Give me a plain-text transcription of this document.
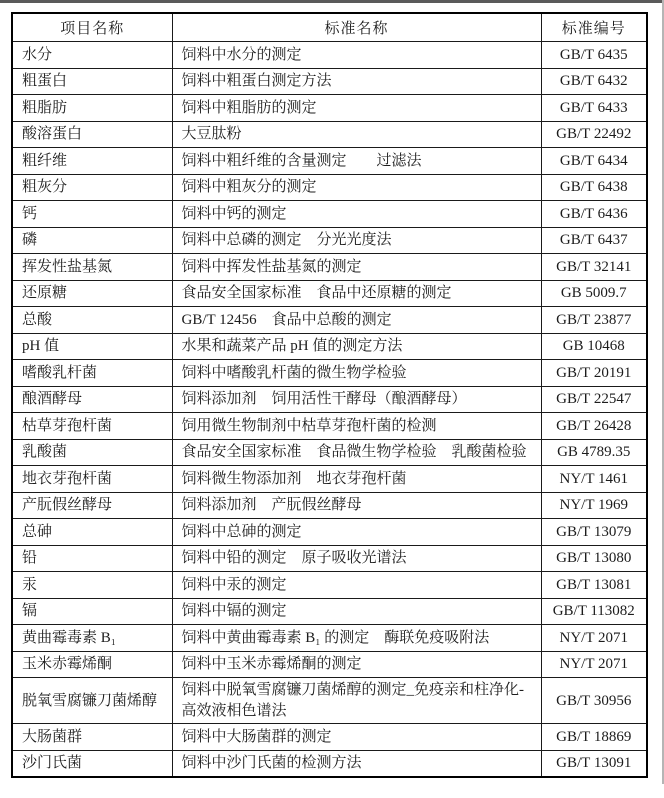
项目名称	标准名称	标准编号
水分	饲料中水分的测定	GB/T 6435
粗蛋白	饲料中粗蛋白测定方法	GB/T 6432
粗脂肪	饲料中粗脂肪的测定	GB/T 6433
酸溶蛋白	大豆肽粉	GB/T 22492
粗纤维	饲料中粗纤维的含量测定　　过滤法	GB/T 6434
粗灰分	饲料中粗灰分的测定	GB/T 6438
钙	饲料中钙的测定	GB/T 6436
磷	饲料中总磷的测定　分光光度法	GB/T 6437
挥发性盐基氮	饲料中挥发性盐基氮的测定	GB/T 32141
还原糖	食品安全国家标准　食品中还原糖的测定	GB 5009.7
总酸	GB/T 12456　食品中总酸的测定	GB/T 23877
pH 值	水果和蔬菜产品 pH 值的测定方法	GB 10468
嗜酸乳杆菌	饲料中嗜酸乳杆菌的微生物学检验	GB/T 20191
酿酒酵母	饲料添加剂　饲用活性干酵母（酿酒酵母）	GB/T 22547
枯草芽孢杆菌	饲用微生物制剂中枯草芽孢杆菌的检测	GB/T 26428
乳酸菌	食品安全国家标准　食品微生物学检验　乳酸菌检验	GB 4789.35
地衣芽孢杆菌	饲料微生物添加剂　地衣芽孢杆菌	NY/T 1461
产朊假丝酵母	饲料添加剂　产朊假丝酵母	NY/T 1969
总砷	饲料中总砷的测定	GB/T 13079
铅	饲料中铅的测定　原子吸收光谱法	GB/T 13080
汞	饲料中汞的测定	GB/T 13081
镉	饲料中镉的测定	GB/T 113082
黄曲霉毒素 B₁	饲料中黄曲霉毒素 B₁ 的测定　酶联免疫吸附法	NY/T 2071
玉米赤霉烯酮	饲料中玉米赤霉烯酮的测定	NY/T 2071
脱氧雪腐镰刀菌烯醇	饲料中脱氧雪腐镰刀菌烯醇的测定_免疫亲和柱净化-高效液相色谱法	GB/T 30956
大肠菌群	饲料中大肠菌群的测定	GB/T 18869
沙门氏菌	饲料中沙门氏菌的检测方法	GB/T 13091
